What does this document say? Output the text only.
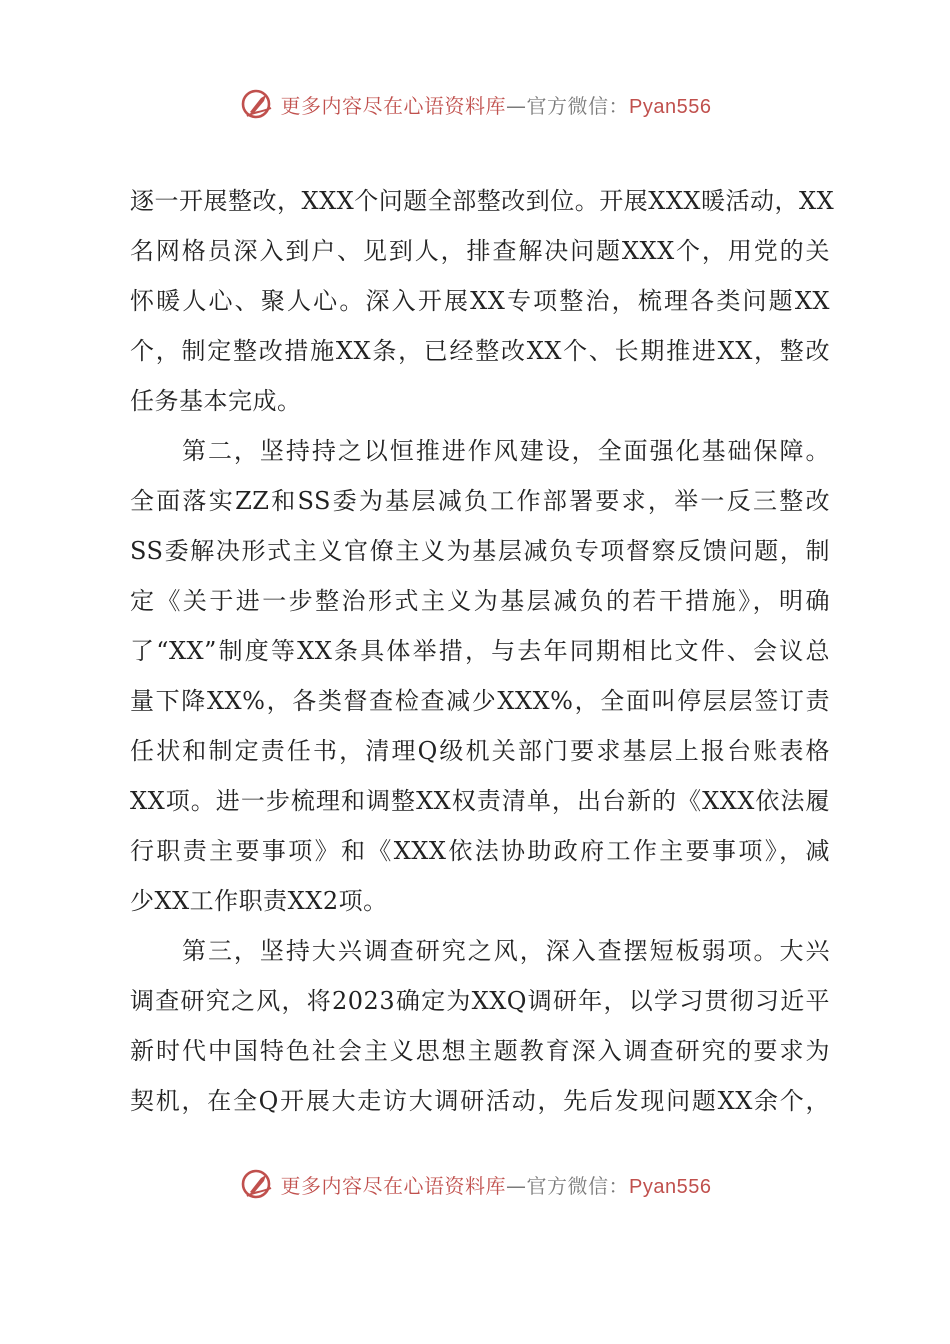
更多内容尽在心语资料库—官方微信：Pyan556
逐一开展整改，XXX个问题全部整改到位。开展XXX暖活动，XX
名网格员深入到户、见到人，排查解决问题XXX个，用党的关
怀暖人心、聚人心。深入开展XX专项整治，梳理各类问题XX
个，制定整改措施XX条，已经整改XX个、长期推进XX，整改
任务基本完成。
　　第二，坚持持之以恒推进作风建设，全面强化基础保障。
全面落实ZZ和SS委为基层减负工作部署要求，举一反三整改
SS委解决形式主义官僚主义为基层减负专项督察反馈问题，制
定《关于进一步整治形式主义为基层减负的若干措施》，明确
了“XX”制度等XX条具体举措，与去年同期相比文件、会议总
量下降XX%，各类督查检查减少XXX%，全面叫停层层签订责
任状和制定责任书，清理Q级机关部门要求基层上报台账表格
XX项。进一步梳理和调整XX权责清单，出台新的《XXX依法履
行职责主要事项》和《XXX依法协助政府工作主要事项》，减
少XX工作职责XX2项。
　　第三，坚持大兴调查研究之风，深入查摆短板弱项。大兴
调查研究之风，将2023确定为XXQ调研年，以学习贯彻习近平
新时代中国特色社会主义思想主题教育深入调查研究的要求为
契机，在全Q开展大走访大调研活动，先后发现问题XX余个，
更多内容尽在心语资料库—官方微信：Pyan556
